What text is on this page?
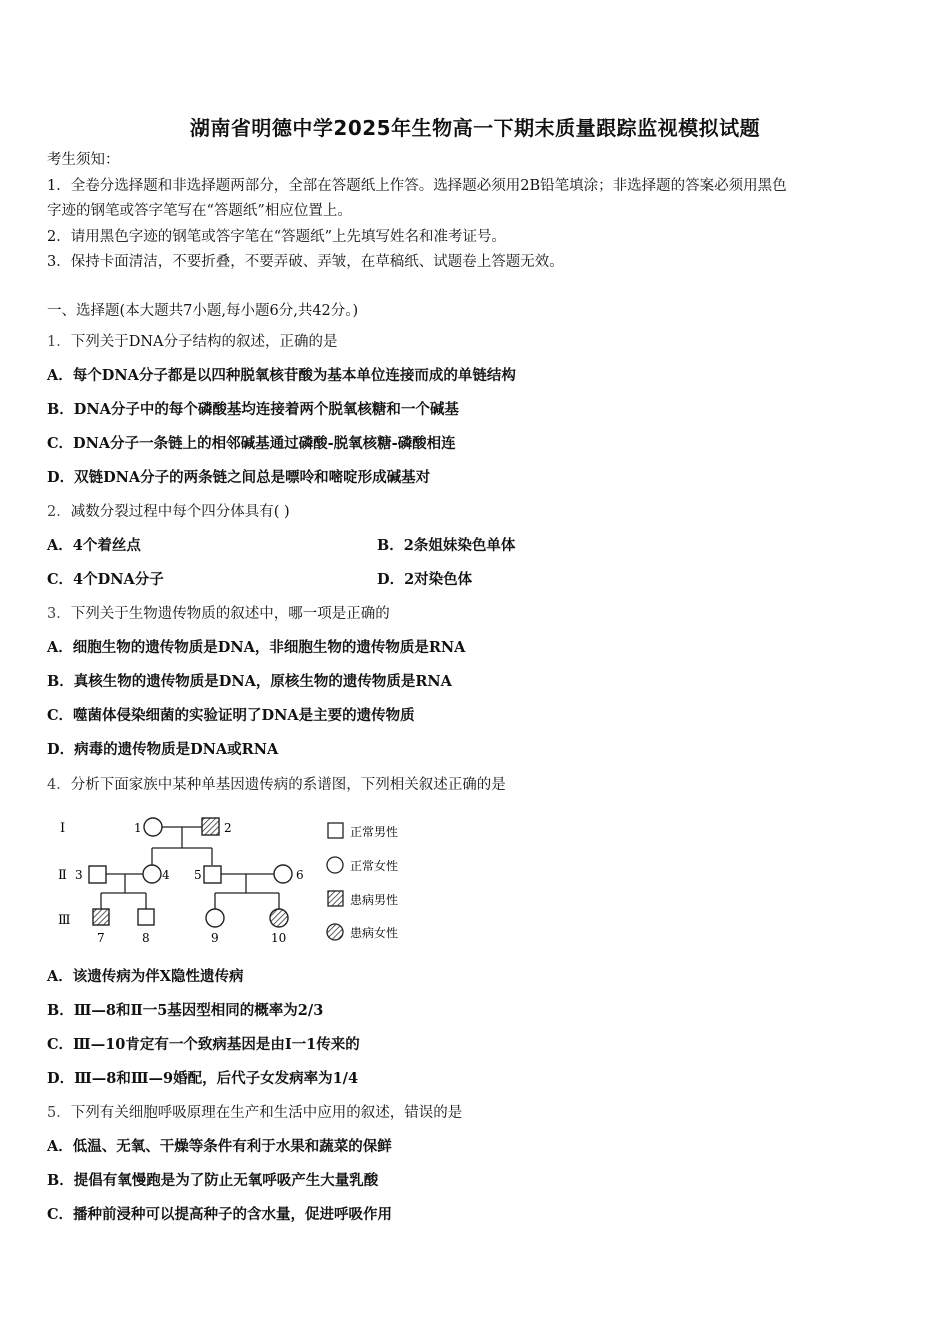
湖南省明德中学2025年生物高一下期末质量跟踪监视模拟试题
考生须知：
1．全卷分选择题和非选择题两部分，全部在答题纸上作答。选择题必须用2B铅笔填涂；非选择题的答案必须用黑色
字迹的钢笔或答字笔写在“答题纸”相应位置上。
2．请用黑色字迹的钢笔或答字笔在“答题纸”上先填写姓名和准考证号。
3．保持卡面清洁，不要折叠，不要弄破、弄皱，在草稿纸、试题卷上答题无效。
一、选择题(本大题共7小题,每小题6分,共42分。)
1．下列关于DNA分子结构的叙述，正确的是
A．每个DNA分子都是以四种脱氧核苷酸为基本单位连接而成的单链结构
B．DNA分子中的每个磷酸基均连接着两个脱氧核糖和一个碱基
C．DNA分子一条链上的相邻碱基通过磷酸-脱氧核糖-磷酸相连
D．双链DNA分子的两条链之间总是嘌呤和嘧啶形成碱基对
2．减数分裂过程中每个四分体具有( )
A．4个着丝点	B．2条姐妹染色单体
C．4个DNA分子	D．2对染色体
3．下列关于生物遗传物质的叙述中，哪一项是正确的
A．细胞生物的遗传物质是DNA，非细胞生物的遗传物质是RNA
B．真核生物的遗传物质是DNA，原核生物的遗传物质是RNA
C．噬菌体侵染细菌的实验证明了DNA是主要的遗传物质
D．病毒的遗传物质是DNA或RNA
4．分析下面家族中某种单基因遗传病的系谱图，下列相关叙述正确的是
Ⅰ
Ⅱ
Ⅲ
1	2
3	4 5	6
7	8	9	10
正常男性
正常女性
患病男性
患病女性
A．该遗传病为伴X隐性遗传病
B．Ⅲ—8和Ⅱ一5基因型相同的概率为2/3
C．Ⅲ—10肯定有一个致病基因是由Ⅰ一1传来的
D．Ⅲ—8和Ⅲ—9婚配，后代子女发病率为1/4
5．下列有关细胞呼吸原理在生产和生活中应用的叙述，错误的是
A．低温、无氧、干燥等条件有利于水果和蔬菜的保鲜
B．提倡有氧慢跑是为了防止无氧呼吸产生大量乳酸
C．播种前浸种可以提高种子的含水量，促进呼吸作用
